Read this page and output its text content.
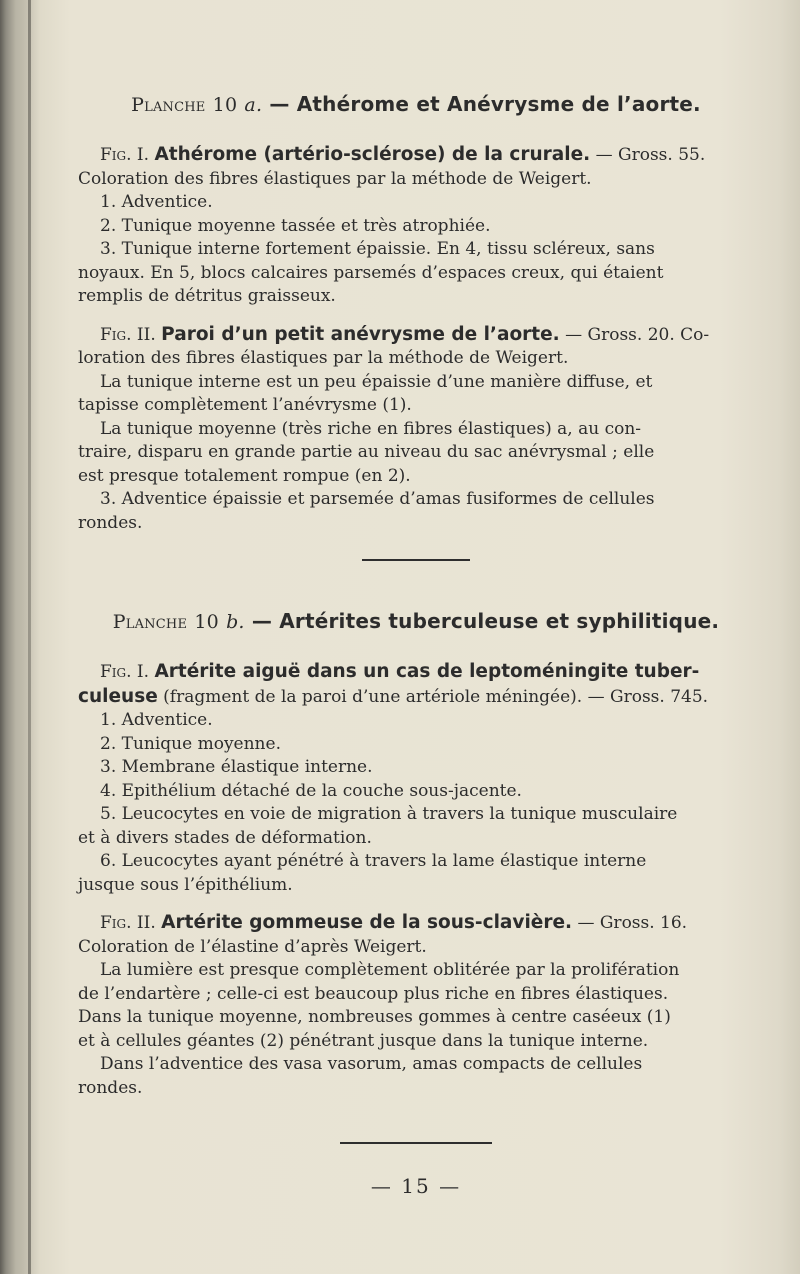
Planche 10 a. — Athérome et Anévrysme de l’aorte.

Fig. I. Athérome (artério-sclérose) de la crurale. — Gross. 55.

Coloration des fibres élastiques par la méthode de Weigert.

1. Adventice.

2. Tunique moyenne tassée et très atrophiée.

3. Tunique interne fortement épaissie. En 4, tissu scléreux, sans

noyaux. En 5, blocs calcaires parsemés d’espaces creux, qui étaient

remplis de détritus graisseux.

Fig. II. Paroi d’un petit anévrysme de l’aorte. — Gross. 20. Co-

loration des fibres élastiques par la méthode de Weigert.

La tunique interne est un peu épaissie d’une manière diffuse, et

tapisse complètement l’anévrysme (1).

La tunique moyenne (très riche en fibres élastiques) a, au con-

traire, disparu en grande partie au niveau du sac anévrysmal ; elle

est presque totalement rompue (en 2).

3. Adventice épaissie et parsemée d’amas fusiformes de cellules

rondes.

Planche 10 b. — Artérites tuberculeuse et syphilitique.

Fig. I. Artérite aiguë dans un cas de leptoméningite tuber-

culeuse (fragment de la paroi d’une artériole méningée). — Gross. 745.

1. Adventice.

2. Tunique moyenne.

3. Membrane élastique interne.

4. Epithélium détaché de la couche sous-jacente.

5. Leucocytes en voie de migration à travers la tunique musculaire

et à divers stades de déformation.

6. Leucocytes ayant pénétré à travers la lame élastique interne

jusque sous l’épithélium.

Fig. II. Artérite gommeuse de la sous-clavière. — Gross. 16.

Coloration de l’élastine d’après Weigert.

La lumière est presque complètement oblitérée par la prolifération

de l’endartère ; celle-ci est beaucoup plus riche en fibres élastiques.

Dans la tunique moyenne, nombreuses gommes à centre caséeux (1)

et à cellules géantes (2) pénétrant jusque dans la tunique interne.

Dans l’adventice des vasa vasorum, amas compacts de cellules

rondes.

— 15 —
